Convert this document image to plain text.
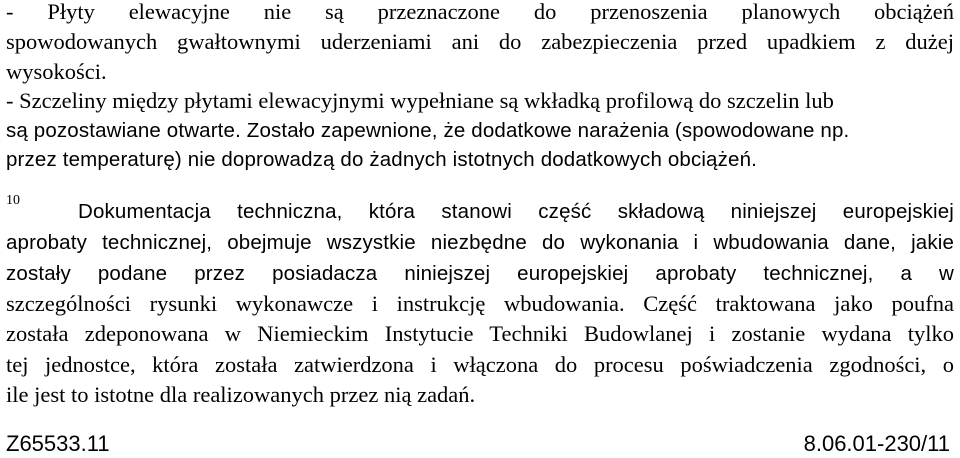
- Płyty elewacyjne nie są przeznaczone do przenoszenia planowych obciążeń
spowodowanych gwałtownymi uderzeniami ani do zabezpieczenia przed upadkiem z dużej
wysokości.
- Szczeliny między płytami elewacyjnymi wypełniane są wkładką profilową do szczelin lub
są pozostawiane otwarte. Zostało zapewnione, że dodatkowe narażenia (spowodowane np.
przez temperaturę) nie doprowadzą do żadnych istotnych dodatkowych obciążeń.
10	Dokumentacja techniczna, która stanowi część składową niniejszej europejskiej
aprobaty technicznej, obejmuje wszystkie niezbędne do wykonania i wbudowania dane, jakie
zostały podane przez posiadacza niniejszej europejskiej aprobaty technicznej, a w
szczególności rysunki wykonawcze i instrukcję wbudowania. Część traktowana jako poufna
została zdeponowana w Niemieckim Instytucie Techniki Budowlanej i zostanie wydana tylko
tej jednostce, która została zatwierdzona i włączona do procesu poświadczenia zgodności, o
ile jest to istotne dla realizowanych przez nią zadań.
Z65533.11	8.06.01-230/11
